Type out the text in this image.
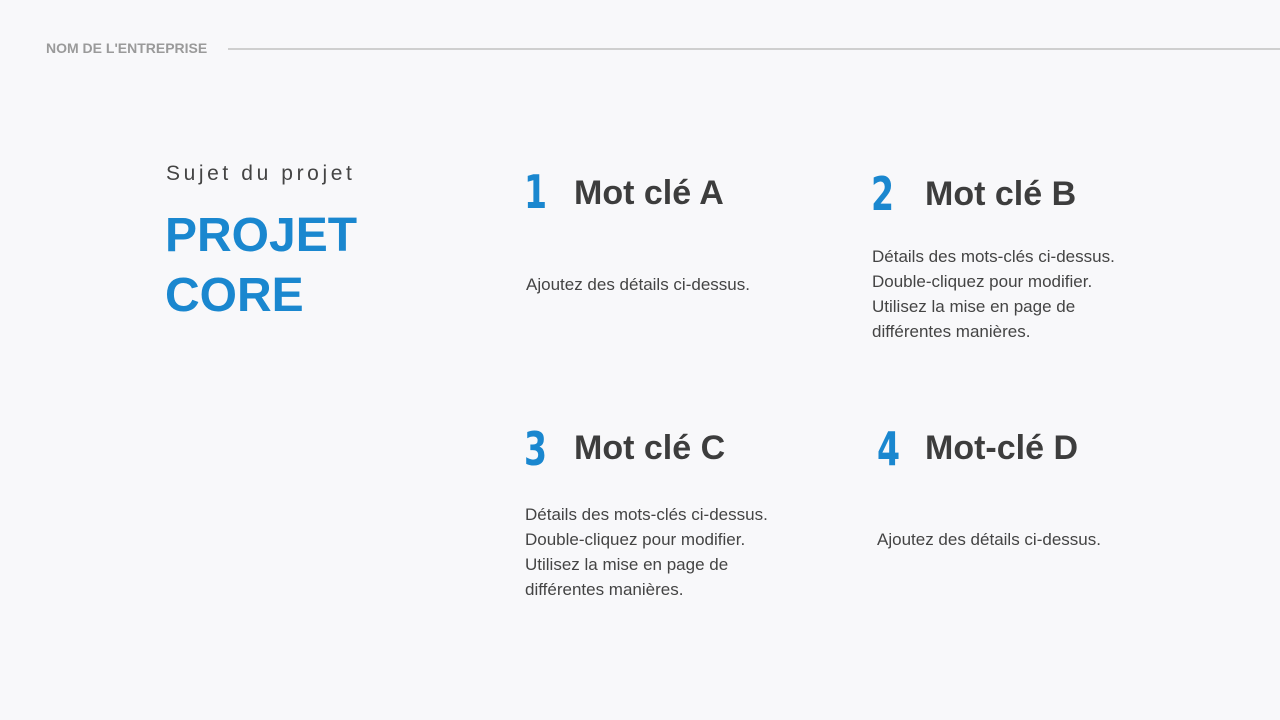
NOM DE L'ENTREPRISE
Sujet du projet
PROJET
CORE
1 Mot clé A
Ajoutez des détails ci-dessus.
2 Mot clé B
Détails des mots-clés ci-dessus.
Double-cliquez pour modifier.
Utilisez la mise en page de
différentes manières.
3 Mot clé C
Détails des mots-clés ci-dessus.
Double-cliquez pour modifier.
Utilisez la mise en page de
différentes manières.
4 Mot-clé D
Ajoutez des détails ci-dessus.
